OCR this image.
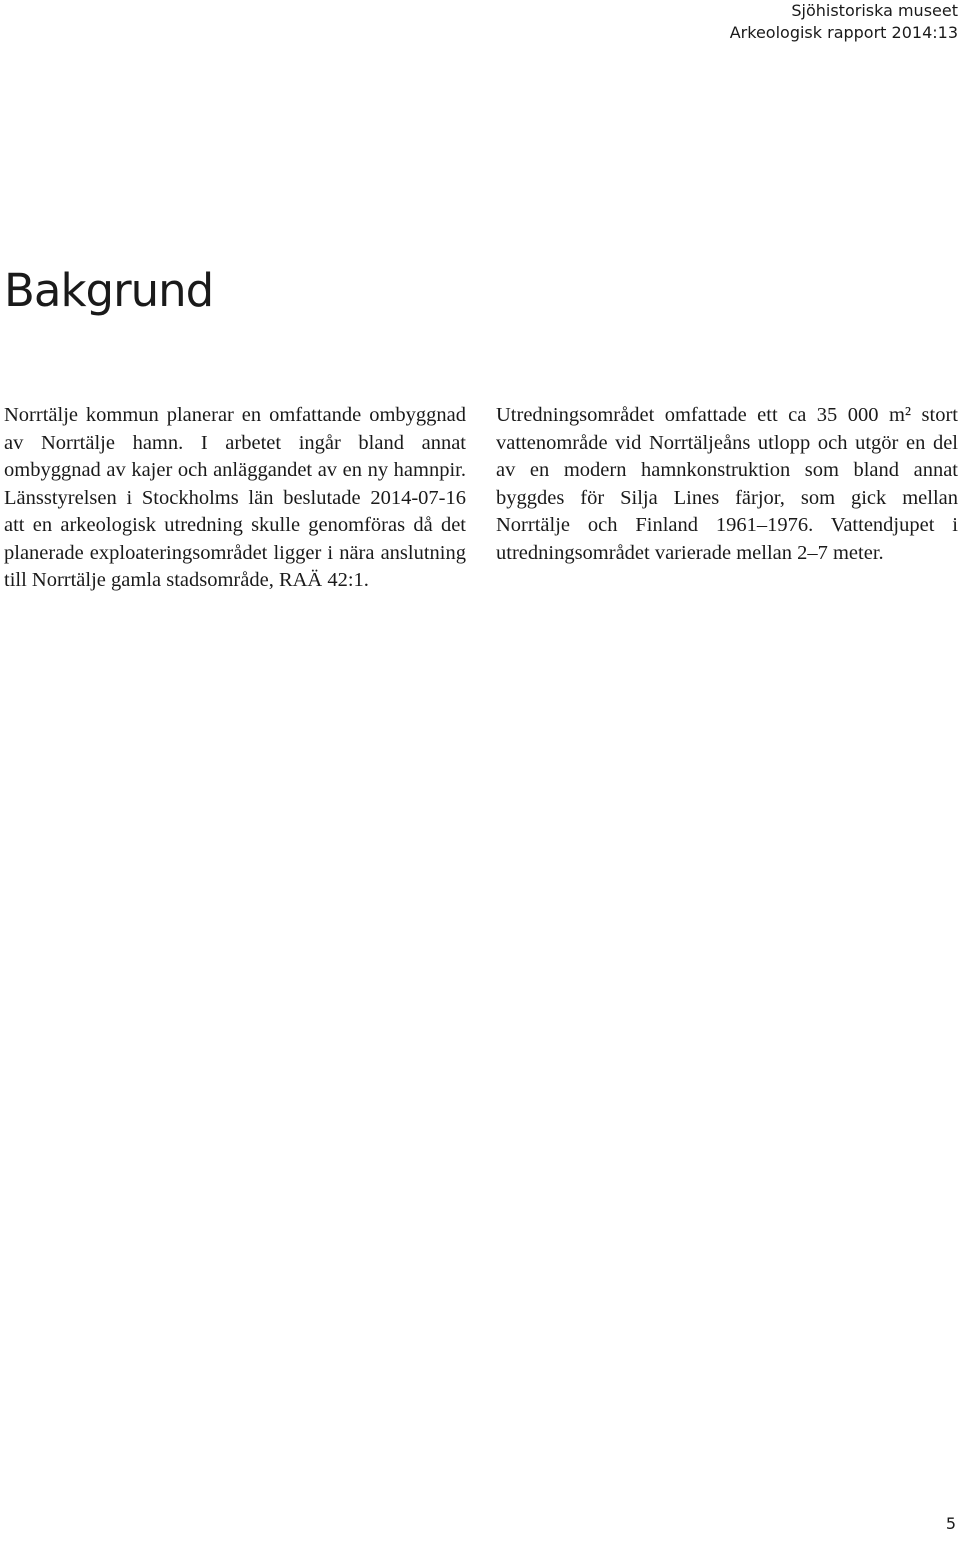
Sjöhistoriska museet
Arkeologisk rapport 2014:13
Bakgrund
Norrtälje kommun planerar en omfattande ombyggnad av Norrtälje hamn. I arbetet ingår bland annat ombyggnad av kajer och anläggandet av en ny hamnpir. Länsstyrelsen i Stockholms län beslutade 2014-07-16 att en arkeologisk utredning skulle genomföras då det planerade exploateringsområdet ligger i nära anslutning till Norrtälje gamla stadsområde, RAÄ 42:1.
Utredningsområdet omfattade ett ca 35 000 m² stort vattenområde vid Norrtäljeåns utlopp och utgör en del av en modern hamnkonstruktion som bland annat byggdes för Silja Lines färjor, som gick mellan Norrtälje och Finland 1961–1976. Vattendjupet i utredningsområdet varierade mellan 2–7 meter.
5
